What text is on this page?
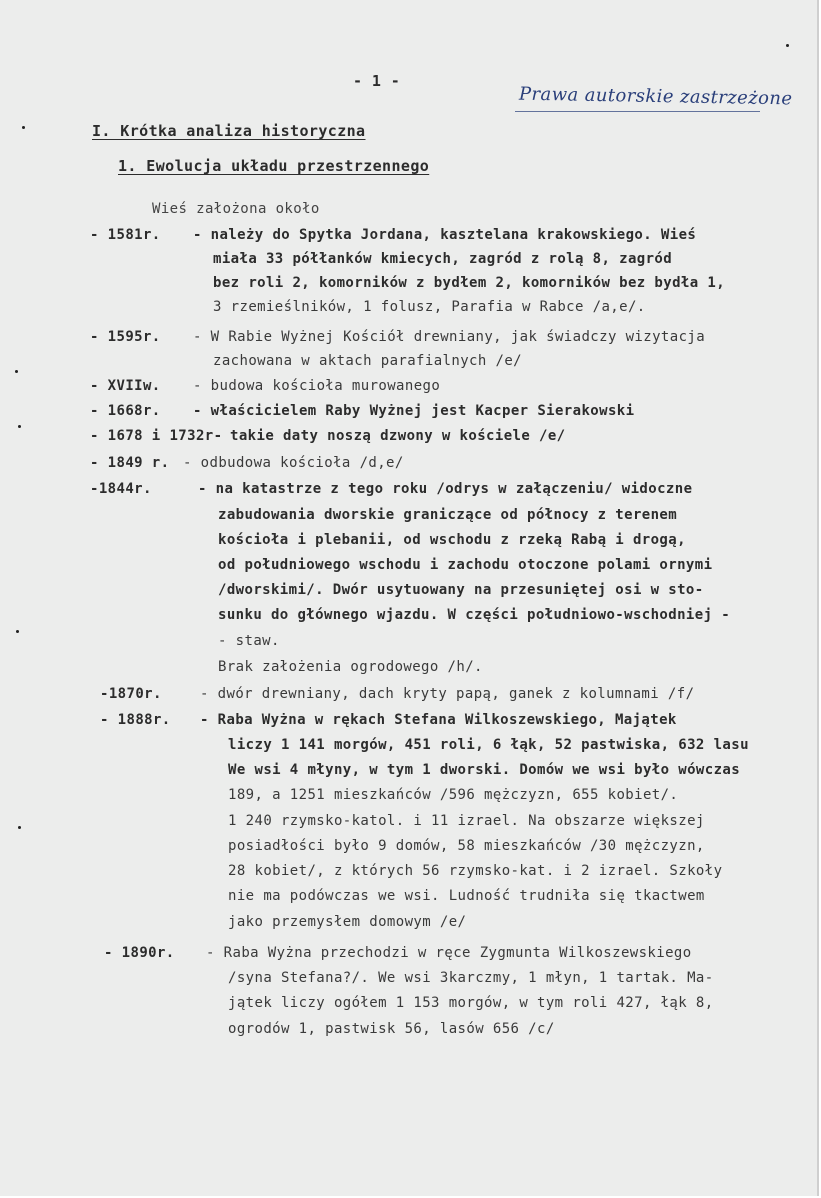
- 1 -
Prawa autorskie zastrzeżone
I. Krótka analiza historyczna
1. Ewolucja układu przestrzennego
Wieś założona około
- 1581r. - należy do Spytka Jordana, kasztelana krakowskiego. Wieś
miała 33 półłanków kmiecych, zagród z rolą 8, zagród
bez roli 2, komorników z bydłem 2, komorników bez bydła 1,
3 rzemieślników, 1 folusz, Parafia w Rabce /a,e/.
- 1595r. - W Rabie Wyżnej Kościół drewniany, jak świadczy wizytacja
zachowana w aktach parafialnych /e/
- XVIIw. - budowa kościoła murowanego
- 1668r. - właścicielem Raby Wyżnej jest Kacper Sierakowski
- 1678 i 1732r- takie daty noszą dzwony w kościele /e/
- 1849 r. - odbudowa kościoła /d,e/
-1844r.	- na katastrze z tego roku /odrys w załączeniu/ widoczne
zabudowania dworskie graniczące od północy z terenem
kościoła i plebanii, od wschodu z rzeką Rabą i drogą,
od południowego wschodu i zachodu otoczone polami ornymi
/dworskimi/. Dwór usytuowany na przesuniętej osi w sto-
sunku do głównego wjazdu. W części południowo-wschodniej -
- staw.
Brak założenia ogrodowego /h/.
-1870r.	- dwór drewniany, dach kryty papą, ganek z kolumnami /f/
- 1888r. - Raba Wyżna w rękach Stefana Wilkoszewskiego, Majątek
liczy 1 141 morgów, 451 roli, 6 łąk, 52 pastwiska, 632 lasu
We wsi 4 młyny, w tym 1 dworski. Domów we wsi było wówczas
189, a 1251 mieszkańców /596 mężczyzn, 655 kobiet/.
1 240 rzymsko-katol. i 11 izrael. Na obszarze większej
posiadłości było 9 domów, 58 mieszkańców /30 mężczyzn,
28 kobiet/, z których 56 rzymsko-kat. i 2 izrael. Szkoły
nie ma podówczas we wsi. Ludność trudniła się tkactwem
jako przemysłem domowym /e/
- 1890r. - Raba Wyżna przechodzi w ręce Zygmunta Wilkoszewskiego
/syna Stefana?/. We wsi 3karczmy, 1 młyn, 1 tartak. Ma-
jątek liczy ogółem 1 153 morgów, w tym roli 427, łąk 8,
ogrodów 1, pastwisk 56, lasów 656 /c/
